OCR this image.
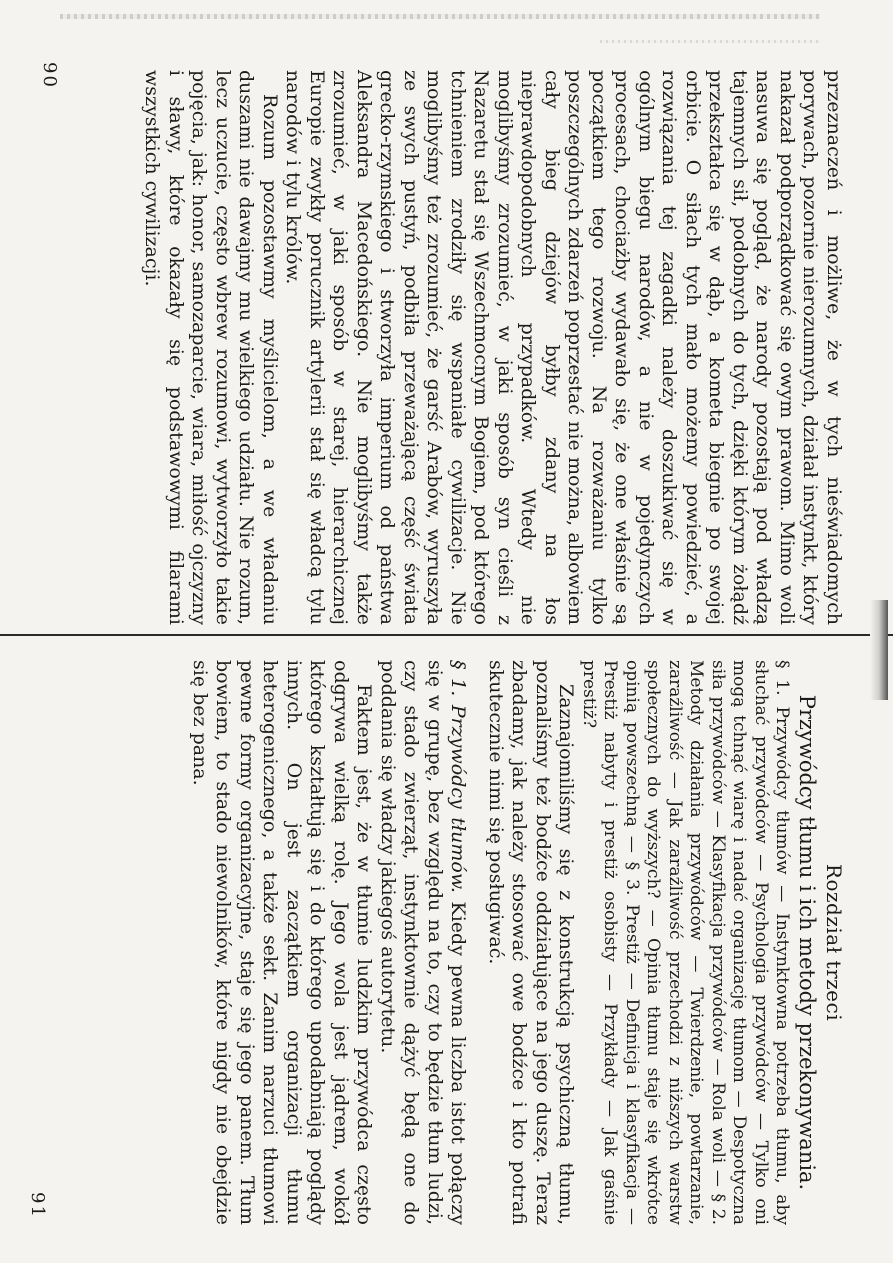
90
91

przeznaczeń i możliwe, że w tych nieświadomych porywach, pozornie nierozumnych, działał instynkt, który nakazał podporządkować się owym prawom. Mimo woli nasuwa się pogląd, że narody pozostają pod władzą tajemnych sił, podobnych do tych, dzięki którym żołądź przekształca się w dąb, a kometa biegnie po swojej orbicie. O siłach tych mało możemy powiedzieć, a rozwiązania tej zagadki należy doszukiwać się w ogólnym biegu narodów, a nie w pojedynczych procesach, chociażby wydawało się, że one właśnie są początkiem tego rozwoju. Na rozważaniu tylko poszczególnych zdarzeń poprzestać nie można, albowiem cały bieg dziejów byłby zdany na łos nieprawdopodobnych przypadków. Wtedy nie moglibyśmy zrozumieć, w jaki sposób syn cieśli z Nazaretu stał się Wszechmocnym Bogiem, pod którego tchnieniem zrodziły się wspaniałe cywilizacje. Nie moglibyśmy też zrozumieć, że garść Arabów, wyruszyła ze swych pustyń, podbiła przeważającą część świata grecko-rzymskiego i stworzyła imperium od państwa Aleksandra Macedońskiego. Nie moglibyśmy także zrozumieć, w jaki sposób w starej, hierarchicznej Europie zwykły porucznik artylerii stał się władcą tylu narodów i tylu królów.

Rozum pozostawmy myślicielom, a we władaniu duszami nie dawajmy mu wielkiego udziału. Nie rozum, lecz uczucie, często wbrew rozumowi, wytworzyło takie pojęcia, jak: honor, samozaparcie, wiara, miłość ojczyzny i sławy, które okazały się podstawowymi filarami wszystkich cywilizacji.

Rozdział trzeci

Przywódcy tłumu i ich metody przekonywania.

§ 1. Przywódcy tłumów — Instynktowna potrzeba tłumu, aby słuchać przywódców — Psychologia przywódców — Tylko oni mogą tchnąć wiarę i nadać organizację tłumom — Despotyczna siła przywódców — Klasyfikacja przywódców — Rola woli — § 2. Metody działania przywódców — Twierdzenie, powtarzanie, zaraźliwość — Jak zaraźliwość przechodzi z niższych warstw społecznych do wyższych? — Opinia tłumu staje się wkrótce opinią powszechną — § 3. Prestiż — Definicja i klasyfikacja — Prestiż nabyty i prestiż osobisty — Przykłady — Jak gaśnie prestiż?

Zaznajomiliśmy się z konstrukcją psychiczną tłumu, poznaliśmy też bodźce oddziałujące na jego duszę. Teraz zbadamy, jak należy stosować owe bodźce i kto potrafi skutecznie nimi się posługiwać.

§ 1. Przywódcy tłumów. Kiedy pewna liczba istot połączy się w grupę, bez względu na to, czy to będzie tłum ludzi, czy stado zwierząt, instynktownie dążyć będą one do poddania się władzy jakiegoś autorytetu.

Faktem jest, że w tłumie ludzkim przywódca często odgrywa wielką rolę. Jego wola jest jądrem, wokół którego kształtują się i do którego upodabniają poglądy innych. On jest zaczątkiem organizacji tłumu heterogenicznego, a także sekt. Zanim narzuci tłumowi pewne formy organizacyjne, staje się jego panem. Tłum bowiem, to stado niewolników, które nigdy nie obejdzie się bez pana.
